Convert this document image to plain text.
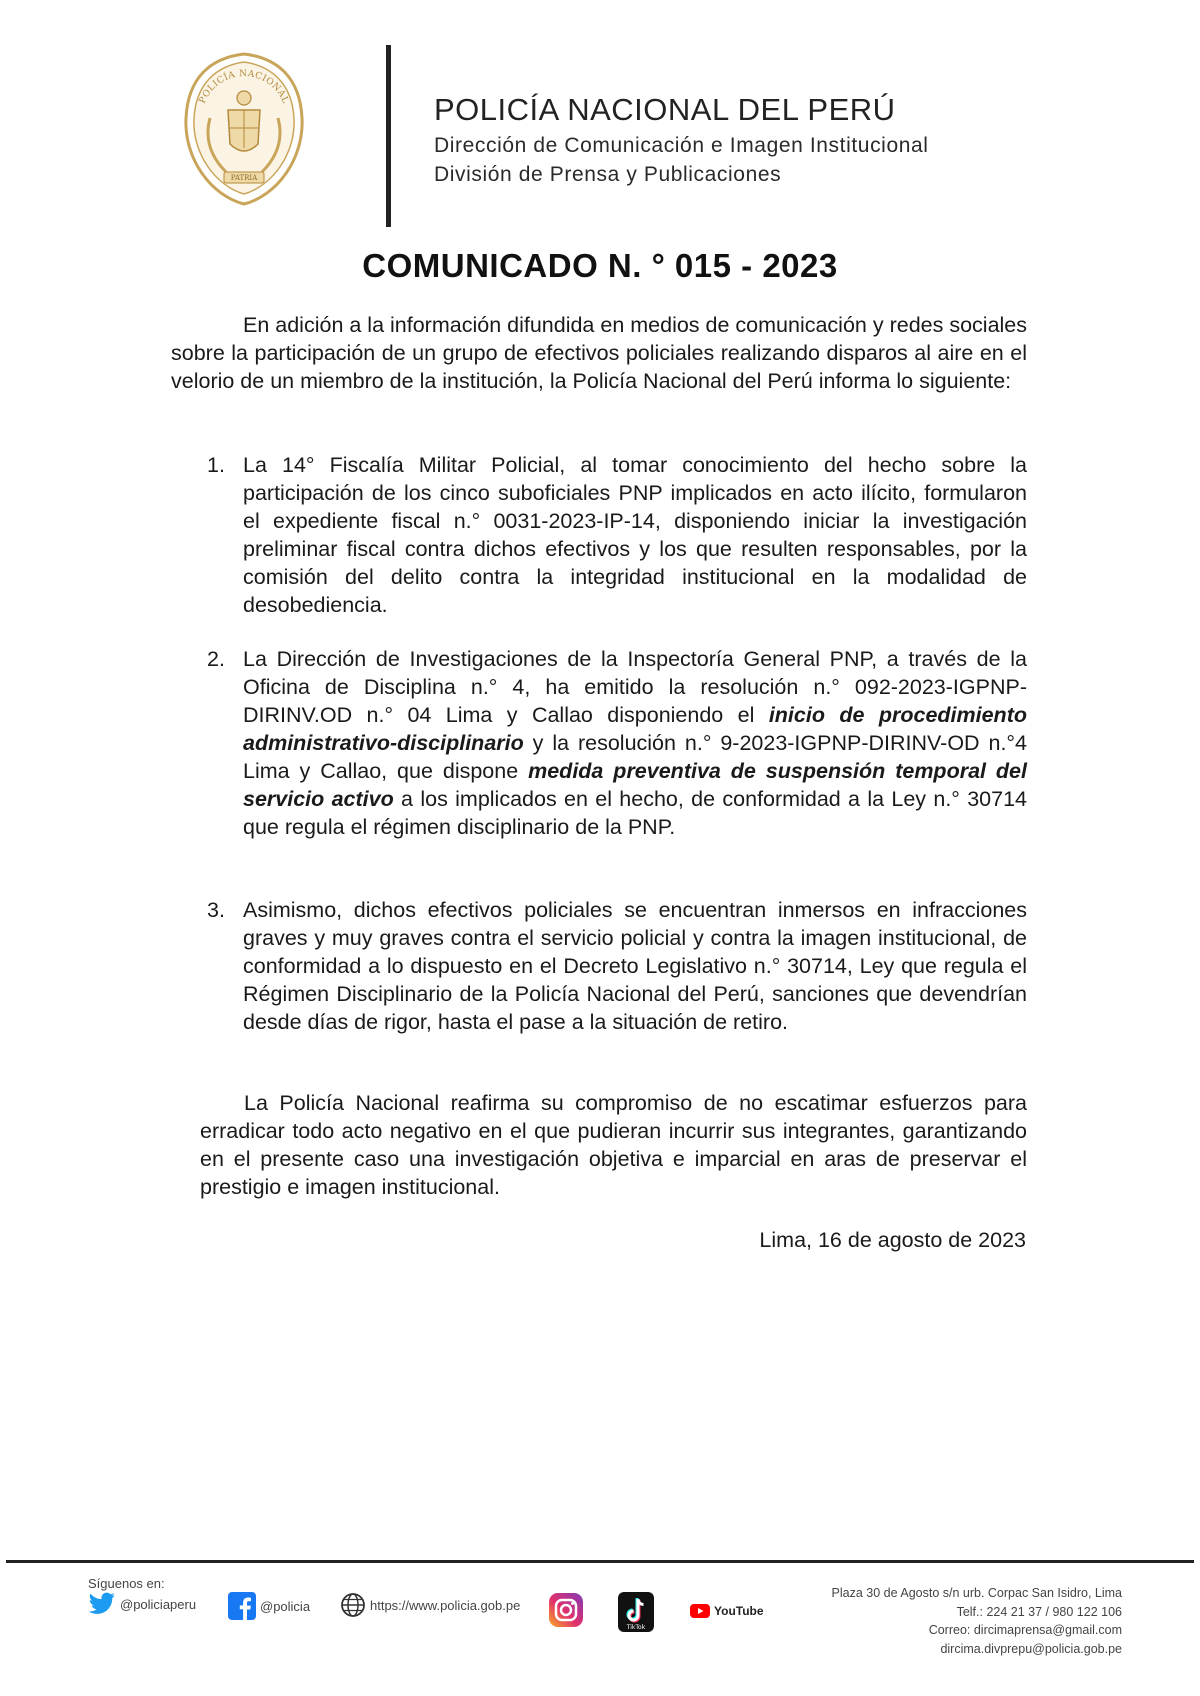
POLICÍA NACIONAL
PATRIA
POLICÍA NACIONAL DEL PERÚ
Dirección de Comunicación e Imagen Institucional
División de Prensa y Publicaciones
COMUNICADO N. ° 015 - 2023

En adición a la información difundida en medios de comunicación y redes sociales sobre la participación de un grupo de efectivos policiales realizando disparos al aire en el velorio de un miembro de la institución, la Policía Nacional del Perú informa lo siguiente:

1. La 14° Fiscalía Militar Policial, al tomar conocimiento del hecho sobre la participación de los cinco suboficiales PNP implicados en acto ilícito, formularon el expediente fiscal n.° 0031-2023-IP-14, disponiendo iniciar la investigación preliminar fiscal contra dichos efectivos y los que resulten responsables, por la comisión del delito contra la integridad institucional en la modalidad de desobediencia.
2. La Dirección de Investigaciones de la Inspectoría General PNP, a través de la Oficina de Disciplina n.° 4, ha emitido la resolución n.° 092-2023-IGPNP-DIRINV.OD n.° 04 Lima y Callao disponiendo el inicio de procedimiento administrativo-disciplinario y la resolución n.° 9-2023-IGPNP-DIRINV-OD n.°4 Lima y Callao, que dispone medida preventiva de suspensión temporal del servicio activo a los implicados en el hecho, de conformidad a la Ley n.° 30714 que regula el régimen disciplinario de la PNP.
3. Asimismo, dichos efectivos policiales se encuentran inmersos en infracciones graves y muy graves contra el servicio policial y contra la imagen institucional, de conformidad a lo dispuesto en el Decreto Legislativo n.° 30714, Ley que regula el Régimen Disciplinario de la Policía Nacional del Perú, sanciones que devendrían desde días de rigor, hasta el pase a la situación de retiro.

La Policía Nacional reafirma su compromiso de no escatimar esfuerzos para erradicar todo acto negativo en el que pudieran incurrir sus integrantes, garantizando en el presente caso una investigación objetiva e imparcial en aras de preservar el prestigio e imagen institucional.

Lima, 16 de agosto de 2023
Síguenos en:
@policiaperu	@policia	https://www.policia.gob.pe
TikTok
YouTube
Plaza 30 de Agosto s/n urb. Corpac San Isidro, Lima
Telf.: 224 21 37 / 980 122 106
Correo: dircimaprensa@gmail.com
dircima.divprepu@policia.gob.pe
